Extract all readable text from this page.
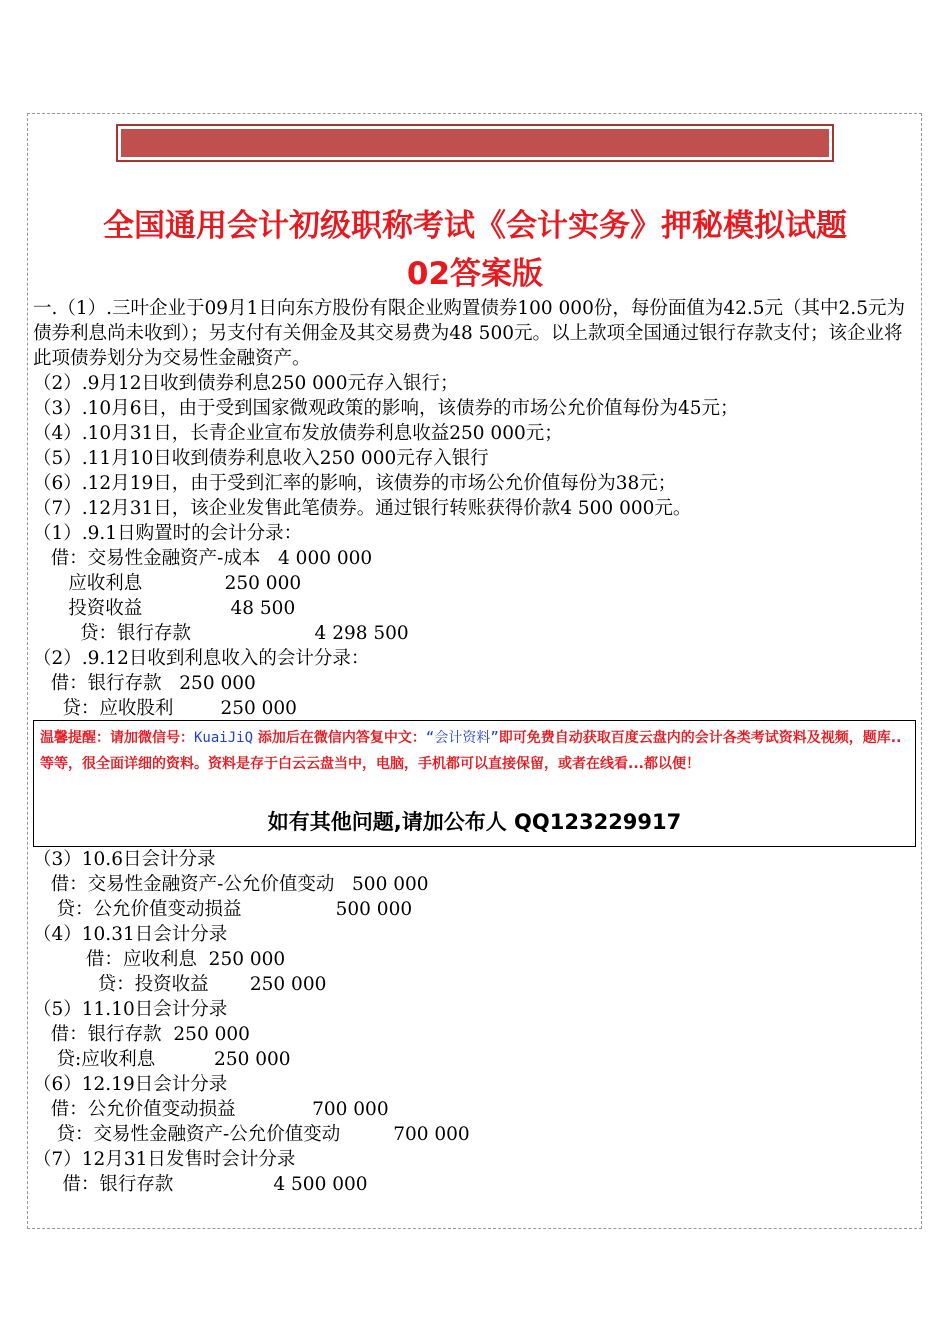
全国通用会计初级职称考试《会计实务》押秘模拟试题
02答案版
一.（1）.三叶企业于09月1日向东方股份有限企业购置债券100 000份，每份面值为42.5元（其中2.5元为债券利息尚未收到）；另支付有关佣金及其交易费为48 500元。以上款项全国通过银行存款支付；该企业将此项债券划分为交易性金融资产。
（2）.9月12日收到债券利息250 000元存入银行；
（3）.10月6日，由于受到国家微观政策的影响，该债券的市场公允价值每份为45元；
（4）.10月31日，长青企业宣布发放债券利息收益250 000元；
（5）.11月10日收到债券利息收入250 000元存入银行
（6）.12月19日，由于受到汇率的影响，该债券的市场公允价值每份为38元；
（7）.12月31日，该企业发售此笔债券。通过银行转账获得价款4 500 000元。
（1）.9.1日购置时的会计分录：
借：交易性金融资产-成本   4 000 000
应收利息              250 000
投资收益               48 500
贷：银行存款                     4 298 500
（2）.9.12日收到利息收入的会计分录：
借：银行存款   250 000
贷：应收股利        250 000
温馨提醒：请加微信号：KuaiJiQ 添加后在微信内答复中文：“会计资料”即可免费自动获取百度云盘内的会计各类考试资料及视频，题库..等等，很全面详细的资料。资料是存于白云云盘当中，电脑，手机都可以直接保留，或者在线看...都以便！
如有其他问题,请加公布人 QQ123229917
（3）10.6日会计分录
借：交易性金融资产-公允价值变动   500 000
贷：公允价值变动损益                500 000
（4）10.31日会计分录
借：应收利息  250 000
贷：投资收益       250 000
（5）11.10日会计分录
借：银行存款  250 000
贷:应收利息          250 000
（6）12.19日会计分录
借：公允价值变动损益             700 000
贷：交易性金融资产-公允价值变动         700 000
（7）12月31日发售时会计分录
借：银行存款                 4 500 000
